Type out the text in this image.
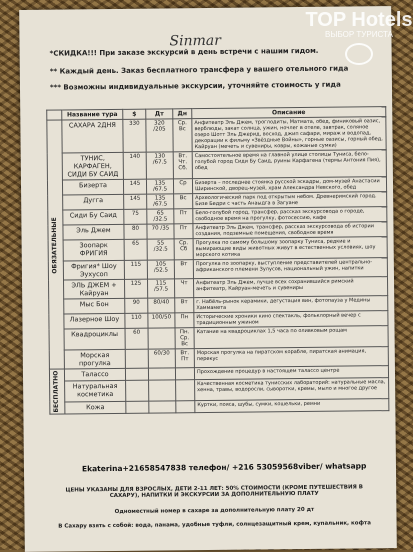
Sinmar
*СКИДКА!!! При заказе экскурсий в день встречи с нашим гидом.
** Каждый день. Заказ бесплатного трансфера у вашего отельного гида
*** Возможны индивидуальные экскурсии, уточняйте стоимость у гида
	Название тура	$	Дт	Дн	Описание
ОБЯЗАТЕЛЬНЫЕ	САХАРА 2ДНЯ	330	320 /205	Ср. Вс	Анфитеатр Эль Джем, троглодиты, Матмата, обед, финиковый оазис, верблюды, закат солнца, ужин, ночлег в отеле, завтрак, соляное озеро Шотт Эль Джерид, восход, джип сафари, мираж и водопад, декорации к фильму «Звёздные Войны», горные оазисы, горный обед, Кайруан (мечеть и сувениры, ковры, кожаные сумки)
	ТУНИС, КАРФАГЕН, СИДИ БУ САИД	140	130 /67.5	Вт. Чт. Сб.	Самостоятельное время на главной улице столицы Туниса, бело-голубой город Сиди Бу Саид, руины Карфагена (термы Антония Пия), обед
	Бизерта	145	135 /67.5	Ср	Бизерта – последнее стоянка русской эскадры, дом-музей Анастасии Ширинской, дворец-музей, храм Александра Невского, обед
	Дугга	145	135 /67.5	Вс	Археологический парк под открытым небом. Древнеримский город. Бизе Бедри с часть Анаыдга в Загуане
	Сиди Бу Саид	75	65 /32.5	Пт	Бело-голубой город, трансфер, рассказ экскурсовода о городе, свободное время на прогулку, фотосессию, кафе
	Эль Джем	80	70 /35	Пт	Анфитеатр Эль Джем, трансфер, рассказ экскурсовода об истории создания, подземные помещения, свободное время
	Зоопарк ФРИГИЯ	65	55 /32.5	Ср. Сб	Прогулка по самому большому зоопарку Туниса, редкие и вымирающие виды животных живут в естественных условиях, шоу морского котика
	Фригия* Шоу Эухусоп	115	105 /52.5	Вт	Прогулка по зоопарку, выступление представителей центрально-африканского племени Зулусов, национальный ужин, напитки
	ЭЛЬ ДЖЕМ + Кайруан	125	115 /57.5	Чт	Анфитеатр Эль Джем, лучше всех сохранившийся римский анфитеатр, Кайруан-мечеть и сувениры
	Мыс Бон	90	80/40	Вт	г. Набёль-рынок керамики, дегустация вин, фотопауза у Медины Хаммамета
	Лазерное Шоу	110	100/50	Пн	Исторические хроники кино спектакль, фольклорный вечер с традиционным ужином
	Квадроциклы	60		Пн. Ср. Вс	Катание на квадроциклах 1,5 часа по оливковым рощам
	Морская прогулка		60/30	Вт. Пт	Морская прогулка на пиратском корабле, пиратская анимация, перекус
БЕСПЛАТНО	Талассо				Прохождение процедур в настоящем талассо центре
	Натуральная косметика				Качественная косметика тунисских лабораторий: натуральные масла, хенна, травы, водоросли, сыворотки, кремы, мыло и многое другое
	Кожа				Куртки, пояса, шубы, сумки, кошельки, ремни
Ekaterina+21658547838 телефон/ +216 53059568viber/ whatsapp
ЦЕНЫ УКАЗАНЫ ДЛЯ ВЗРОСЛЫХ, ДЕТИ 2-11 ЛЕТ: 50% СТОИМОСТИ (КРОМЕ ПУТЕШЕСТВИЯ В САХАРУ), НАПИТКИ И ЭКСКУРСИИ ЗА ДОПОЛНИТЕЛЬНУЮ ПЛАТУ
Одноместный номер в сахаре за дополнительную плату 20 дт
В Сахару взять с собой: вода, панама, удобные туфли, солнцезащитный крем, купальник, кофта
TOP Hotels
ВЫБОР ТУРИСТА
